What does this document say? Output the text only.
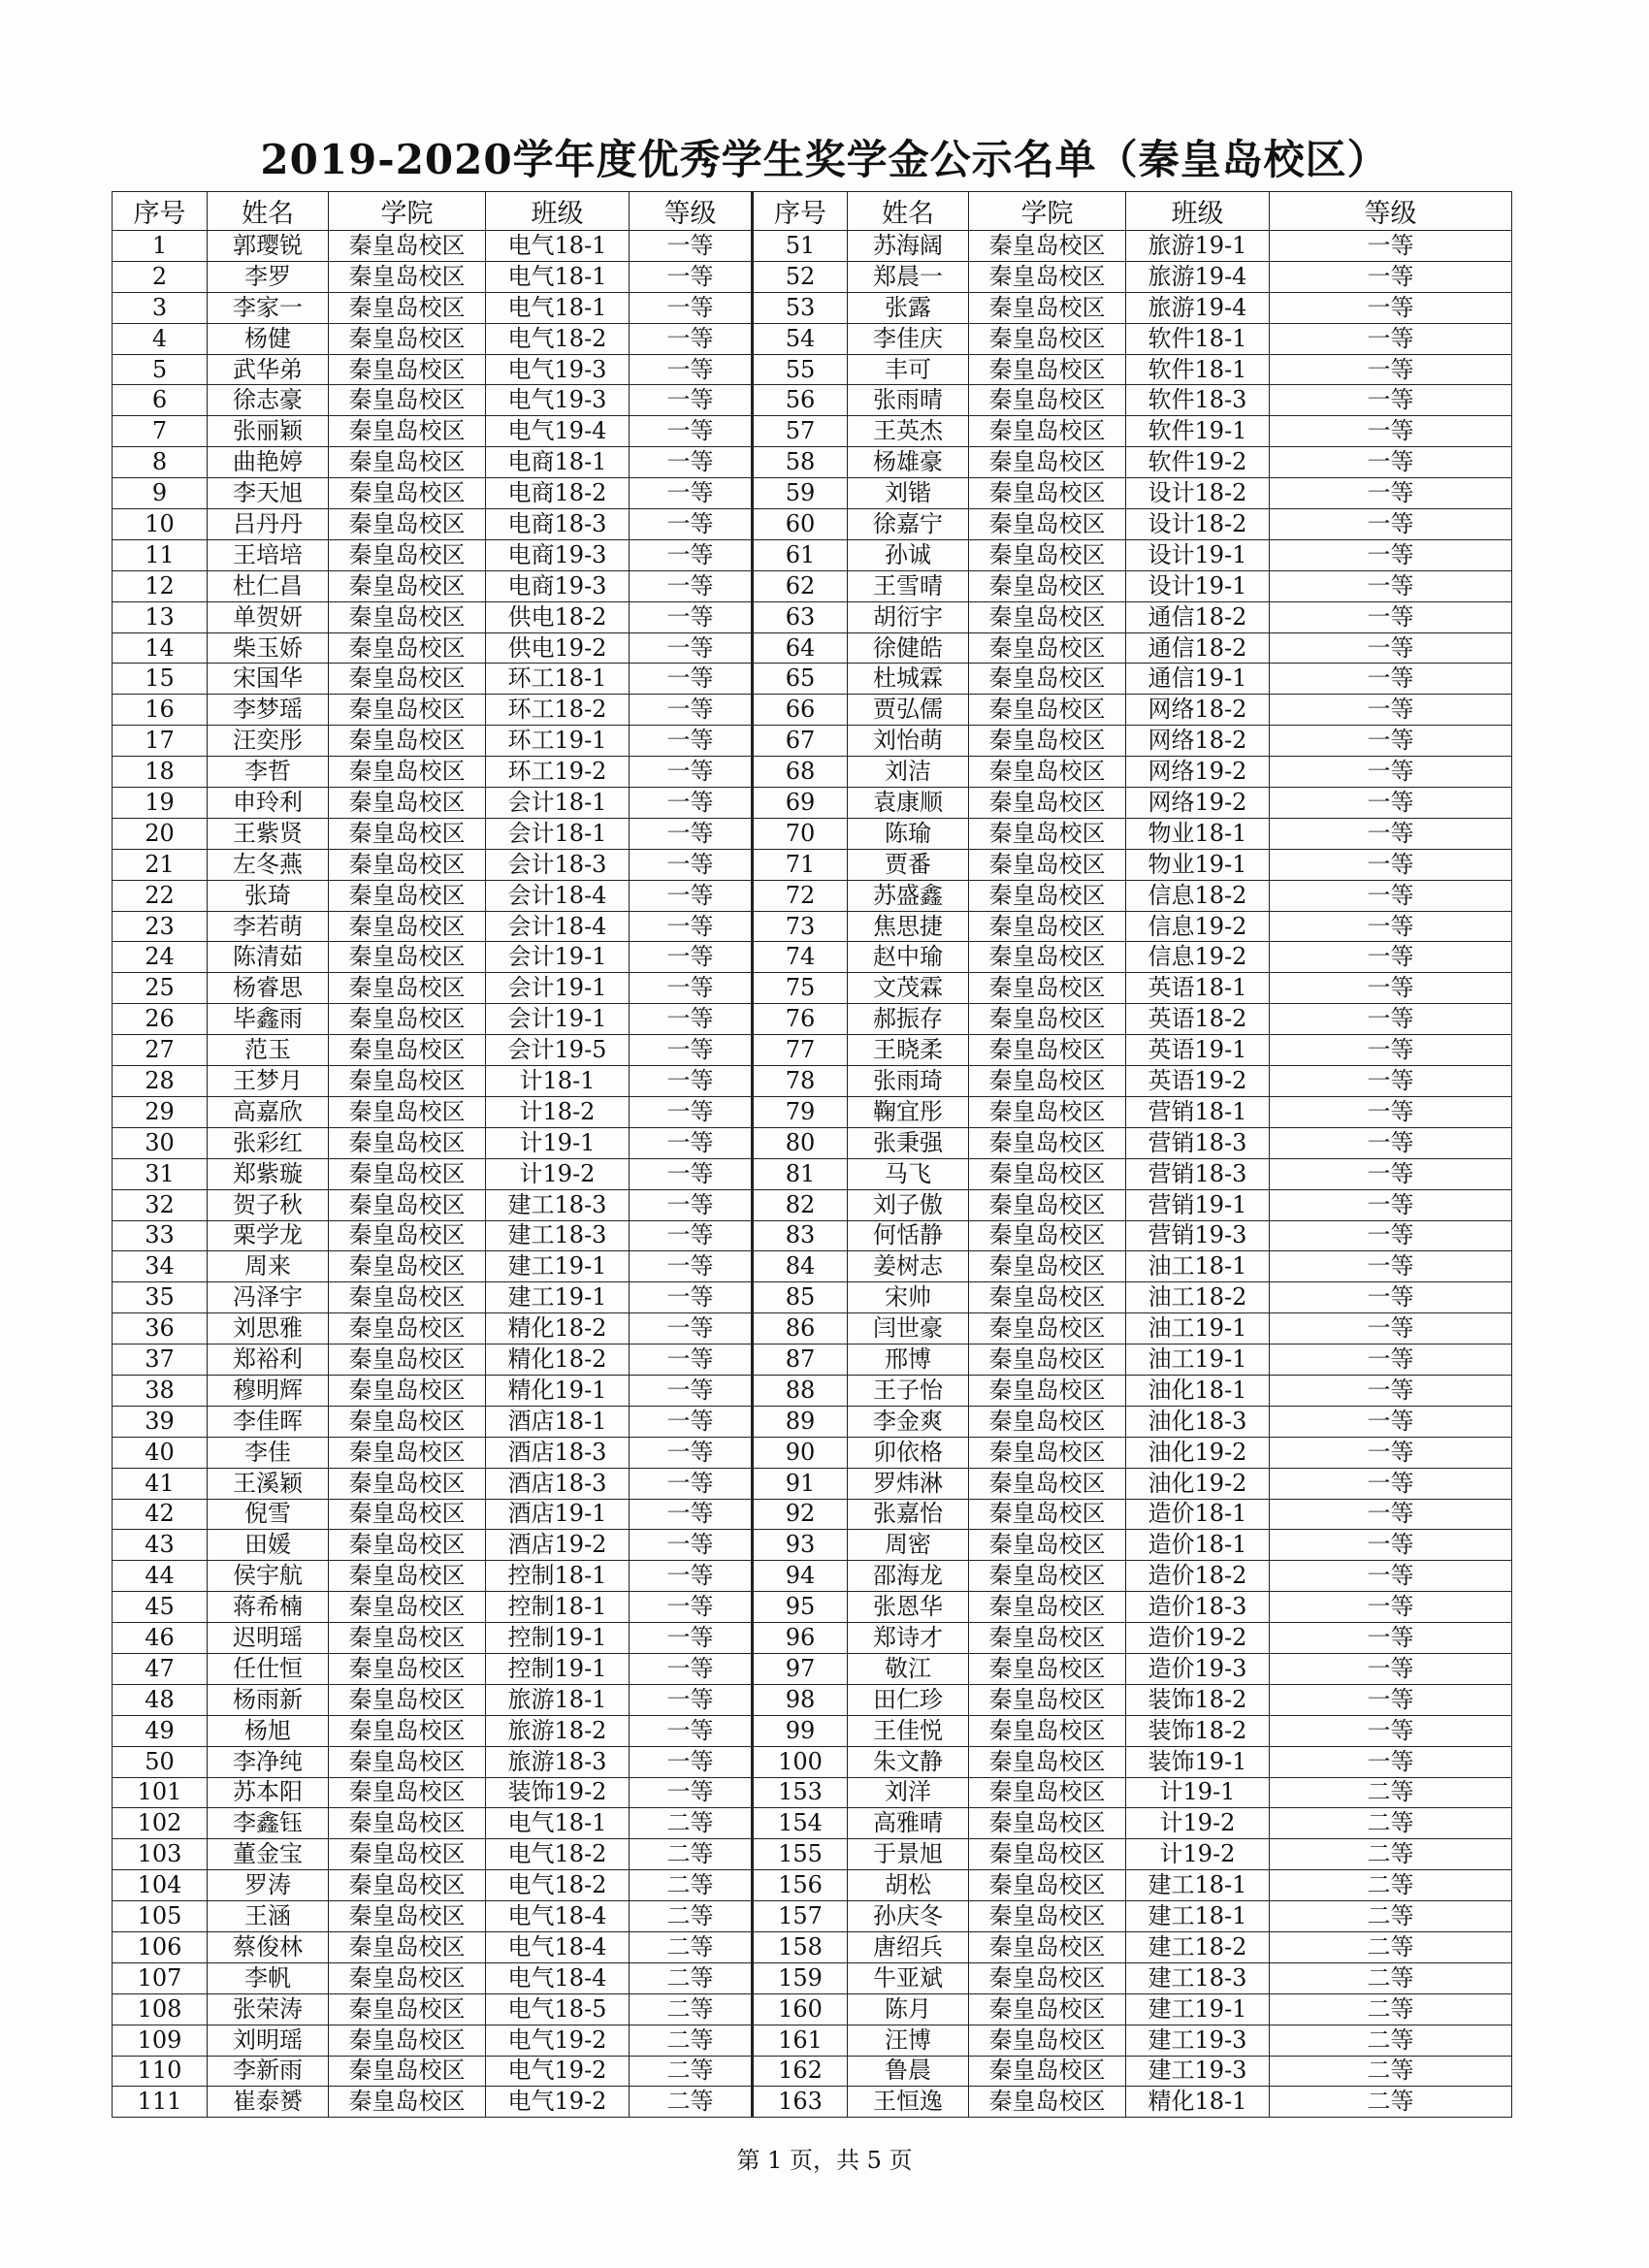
2019-2020学年度优秀学生奖学金公示名单（秦皇岛校区）
序号	姓名	学院	班级	等级	序号	姓名	学院	班级	等级
1	郭璎锐	秦皇岛校区	电气18-1	一等	51	苏海阔	秦皇岛校区	旅游19-1	一等
2	李罗	秦皇岛校区	电气18-1	一等	52	郑晨一	秦皇岛校区	旅游19-4	一等
3	李家一	秦皇岛校区	电气18-1	一等	53	张露	秦皇岛校区	旅游19-4	一等
4	杨健	秦皇岛校区	电气18-2	一等	54	李佳庆	秦皇岛校区	软件18-1	一等
5	武华弟	秦皇岛校区	电气19-3	一等	55	丰可	秦皇岛校区	软件18-1	一等
6	徐志豪	秦皇岛校区	电气19-3	一等	56	张雨晴	秦皇岛校区	软件18-3	一等
7	张丽颖	秦皇岛校区	电气19-4	一等	57	王英杰	秦皇岛校区	软件19-1	一等
8	曲艳婷	秦皇岛校区	电商18-1	一等	58	杨雄豪	秦皇岛校区	软件19-2	一等
9	李天旭	秦皇岛校区	电商18-2	一等	59	刘锴	秦皇岛校区	设计18-2	一等
10	吕丹丹	秦皇岛校区	电商18-3	一等	60	徐嘉宁	秦皇岛校区	设计18-2	一等
11	王培培	秦皇岛校区	电商19-3	一等	61	孙诚	秦皇岛校区	设计19-1	一等
12	杜仁昌	秦皇岛校区	电商19-3	一等	62	王雪晴	秦皇岛校区	设计19-1	一等
13	单贺妍	秦皇岛校区	供电18-2	一等	63	胡衍宇	秦皇岛校区	通信18-2	一等
14	柴玉娇	秦皇岛校区	供电19-2	一等	64	徐健皓	秦皇岛校区	通信18-2	一等
15	宋国华	秦皇岛校区	环工18-1	一等	65	杜城霖	秦皇岛校区	通信19-1	一等
16	李梦瑶	秦皇岛校区	环工18-2	一等	66	贾弘儒	秦皇岛校区	网络18-2	一等
17	汪奕彤	秦皇岛校区	环工19-1	一等	67	刘怡萌	秦皇岛校区	网络18-2	一等
18	李哲	秦皇岛校区	环工19-2	一等	68	刘洁	秦皇岛校区	网络19-2	一等
19	申玲利	秦皇岛校区	会计18-1	一等	69	袁康顺	秦皇岛校区	网络19-2	一等
20	王紫贤	秦皇岛校区	会计18-1	一等	70	陈瑜	秦皇岛校区	物业18-1	一等
21	左冬燕	秦皇岛校区	会计18-3	一等	71	贾番	秦皇岛校区	物业19-1	一等
22	张琦	秦皇岛校区	会计18-4	一等	72	苏盛鑫	秦皇岛校区	信息18-2	一等
23	李若萌	秦皇岛校区	会计18-4	一等	73	焦思捷	秦皇岛校区	信息19-2	一等
24	陈清茹	秦皇岛校区	会计19-1	一等	74	赵中瑜	秦皇岛校区	信息19-2	一等
25	杨睿思	秦皇岛校区	会计19-1	一等	75	文茂霖	秦皇岛校区	英语18-1	一等
26	毕鑫雨	秦皇岛校区	会计19-1	一等	76	郝振存	秦皇岛校区	英语18-2	一等
27	范玉	秦皇岛校区	会计19-5	一等	77	王晓柔	秦皇岛校区	英语19-1	一等
28	王梦月	秦皇岛校区	计18-1	一等	78	张雨琦	秦皇岛校区	英语19-2	一等
29	高嘉欣	秦皇岛校区	计18-2	一等	79	鞠宜彤	秦皇岛校区	营销18-1	一等
30	张彩红	秦皇岛校区	计19-1	一等	80	张秉强	秦皇岛校区	营销18-3	一等
31	郑紫璇	秦皇岛校区	计19-2	一等	81	马飞	秦皇岛校区	营销18-3	一等
32	贺子秋	秦皇岛校区	建工18-3	一等	82	刘子傲	秦皇岛校区	营销19-1	一等
33	栗学龙	秦皇岛校区	建工18-3	一等	83	何恬静	秦皇岛校区	营销19-3	一等
34	周来	秦皇岛校区	建工19-1	一等	84	姜树志	秦皇岛校区	油工18-1	一等
35	冯泽宇	秦皇岛校区	建工19-1	一等	85	宋帅	秦皇岛校区	油工18-2	一等
36	刘思雅	秦皇岛校区	精化18-2	一等	86	闫世豪	秦皇岛校区	油工19-1	一等
37	郑裕利	秦皇岛校区	精化18-2	一等	87	邢博	秦皇岛校区	油工19-1	一等
38	穆明辉	秦皇岛校区	精化19-1	一等	88	王子怡	秦皇岛校区	油化18-1	一等
39	李佳晖	秦皇岛校区	酒店18-1	一等	89	李金爽	秦皇岛校区	油化18-3	一等
40	李佳	秦皇岛校区	酒店18-3	一等	90	卯依格	秦皇岛校区	油化19-2	一等
41	王溪颖	秦皇岛校区	酒店18-3	一等	91	罗炜淋	秦皇岛校区	油化19-2	一等
42	倪雪	秦皇岛校区	酒店19-1	一等	92	张嘉怡	秦皇岛校区	造价18-1	一等
43	田媛	秦皇岛校区	酒店19-2	一等	93	周密	秦皇岛校区	造价18-1	一等
44	侯宇航	秦皇岛校区	控制18-1	一等	94	邵海龙	秦皇岛校区	造价18-2	一等
45	蒋希楠	秦皇岛校区	控制18-1	一等	95	张恩华	秦皇岛校区	造价18-3	一等
46	迟明瑶	秦皇岛校区	控制19-1	一等	96	郑诗才	秦皇岛校区	造价19-2	一等
47	任仕恒	秦皇岛校区	控制19-1	一等	97	敬江	秦皇岛校区	造价19-3	一等
48	杨雨新	秦皇岛校区	旅游18-1	一等	98	田仁珍	秦皇岛校区	装饰18-2	一等
49	杨旭	秦皇岛校区	旅游18-2	一等	99	王佳悦	秦皇岛校区	装饰18-2	一等
50	李净纯	秦皇岛校区	旅游18-3	一等	100	朱文静	秦皇岛校区	装饰19-1	一等
101	苏本阳	秦皇岛校区	装饰19-2	一等	153	刘洋	秦皇岛校区	计19-1	二等
102	李鑫钰	秦皇岛校区	电气18-1	二等	154	高雅晴	秦皇岛校区	计19-2	二等
103	董金宝	秦皇岛校区	电气18-2	二等	155	于景旭	秦皇岛校区	计19-2	二等
104	罗涛	秦皇岛校区	电气18-2	二等	156	胡松	秦皇岛校区	建工18-1	二等
105	王涵	秦皇岛校区	电气18-4	二等	157	孙庆冬	秦皇岛校区	建工18-1	二等
106	蔡俊林	秦皇岛校区	电气18-4	二等	158	唐绍兵	秦皇岛校区	建工18-2	二等
107	李帆	秦皇岛校区	电气18-4	二等	159	牛亚斌	秦皇岛校区	建工18-3	二等
108	张荣涛	秦皇岛校区	电气18-5	二等	160	陈月	秦皇岛校区	建工19-1	二等
109	刘明瑶	秦皇岛校区	电气19-2	二等	161	汪博	秦皇岛校区	建工19-3	二等
110	李新雨	秦皇岛校区	电气19-2	二等	162	鲁晨	秦皇岛校区	建工19-3	二等
111	崔泰赟	秦皇岛校区	电气19-2	二等	163	王恒逸	秦皇岛校区	精化18-1	二等
第 1 页，共 5 页
